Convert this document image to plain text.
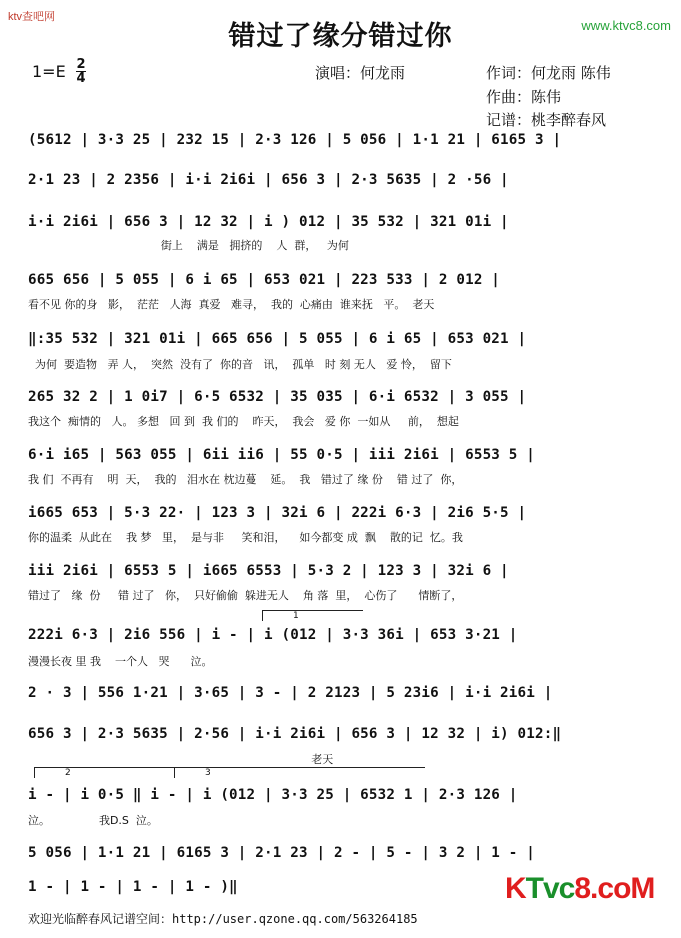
ktv查吧网
www.ktvc8.com
错过了缘分错过你
1=E 2
4	演唱：何龙雨	作词：何龙雨 陈伟
作曲：陈伟
记谱：桃李醉春风
(5612 | 3·3 25 | 232 15 | 2·3 126 | 5 056 | 1·1 21 | 6165 3 |
2·1 23 | 2 2356 | i·i 2i6i | 656 3 | 2·3 5635 | 2 ·56 |
i·i 2i6i | 656 3 | 12 32 | i ) 012 | 35 532 | 321 01i |
街上    满是   拥挤的    人  群，   为何
665 656 | 5 055 | 6 i 65 | 653 021 | 223 533 | 2 012 |
看不见 你的身   影，  茫茫   人海  真爱   难寻，  我的  心痛由  谁来抚   平。  老天
‖:35 532 | 321 01i | 665 656 | 5 055 | 6 i 65 | 653 021 |
为何  要造物   弄 人，  突然  没有了  你的音   讯，  孤单   时 刻 无人   爱 怜，  留下
265 32 2 | 1 0i7 | 6·5 6532 | 35 035 | 6·i 6532 | 3 055 |
我这个  痴情的   人。 多想   回 到  我 们的    昨天，  我会   爱 你  一如从     前，  想起
6·i i65 | 563 055 | 6ii ii6 | 55 0·5 | iii 2i6i | 6553 5 |
我 们  不再有    明  天，  我的   泪水在 枕边蔓    延。  我   错过了 缘 份    错 过了  你，
i665 653 | 5·3 22· | 123 3 | 32i 6 | 222i 6·3 | 2i6 5·5 |
你的温柔  从此在    我 梦   里，  是与非     笑和泪，    如今都变 成  飘    散的记  忆。我
iii 2i6i | 6553 5 | i665 6553 | 5·3 2 | 123 3 | 32i 6 |
错过了   缘  份     错 过了   你，  只好偷偷  躲进无人    角 落  里，  心伤了      情断了，
1
222i 6·3 | 2i6 556 | i - | i (012 | 3·3 36i | 653 3·21 |
漫漫长夜 里 我    一个人   哭      泣。
2 · 3 | 556 1·21 | 3·65 | 3 - | 2 2123 | 5 23i6 | i·i 2i6i |
656 3 | 2·3 5635 | 2·56 | i·i 2i6i | 656 3 | 12 32 | i) 012:‖
老天
2	3
i - | i 0·5 ‖ i - | i (012 | 3·3 25 | 6532 1 | 2·3 126 |
泣。              我D.S  泣。
5 056 | 1·1 21 | 6165 3 | 2·1 23 | 2 - | 5 - | 3 2 | 1 - |
1 - | 1 - | 1 - | 1 - )‖
欢迎光临醉春风记谱空间：http://user.qzone.qq.com/563264185
KTvc8.coM
